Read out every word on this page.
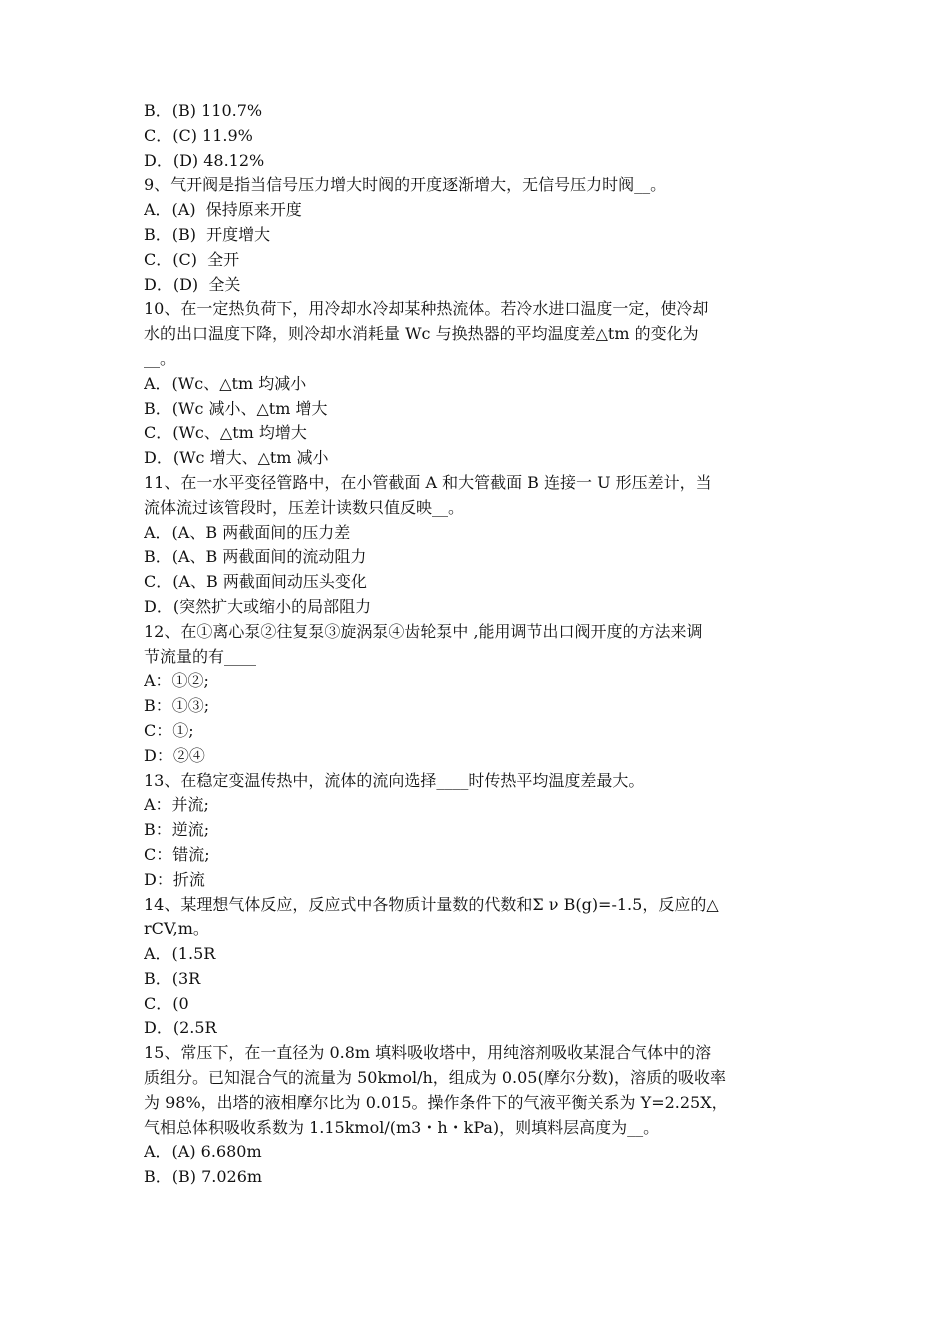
B．(B) 110.7%
C．(C) 11.9%
D．(D) 48.12%
9、气开阀是指当信号压力增大时阀的开度逐渐增大，无信号压力时阀__。
A．(A)  保持原来开度
B．(B)  开度增大
C．(C)  全开
D．(D)  全关
10、在一定热负荷下，用冷却水冷却某种热流体。若冷水进口温度一定，使冷却
水的出口温度下降，则冷却水消耗量 Wc 与换热器的平均温度差△tm 的变化为
__。
A．(Wc、△tm 均减小
B．(Wc 减小、△tm 增大
C．(Wc、△tm 均增大
D．(Wc 增大、△tm 减小
11、在一水平变径管路中，在小管截面 A 和大管截面 B 连接一 U 形压差计，当
流体流过该管段时，压差计读数只值反映__。
A．(A、B 两截面间的压力差
B．(A、B 两截面间的流动阻力
C．(A、B 两截面间动压头变化
D．(突然扩大或缩小的局部阻力
12、在①离心泵②往复泵③旋涡泵④齿轮泵中 ,能用调节出口阀开度的方法来调
节流量的有____
A：①②;
B：①③;
C：①;
D：②④
13、在稳定变温传热中，流体的流向选择____时传热平均温度差最大。
A：并流;
B：逆流;
C：错流;
D：折流
14、某理想气体反应，反应式中各物质计量数的代数和Σ ν B(g)=-1.5，反应的△
rCV,m。
A．(1.5R
B．(3R
C．(0
D．(2.5R
15、常压下，在一直径为 0.8m 填料吸收塔中，用纯溶剂吸收某混合气体中的溶
质组分。已知混合气的流量为 50kmol/h，组成为 0.05(摩尔分数)，溶质的吸收率
为 98%，出塔的液相摩尔比为 0.015。操作条件下的气液平衡关系为 Y=2.25X，
气相总体积吸收系数为 1.15kmol/(m3・h・kPa)，则填料层高度为__。
A．(A) 6.680m
B．(B) 7.026m
